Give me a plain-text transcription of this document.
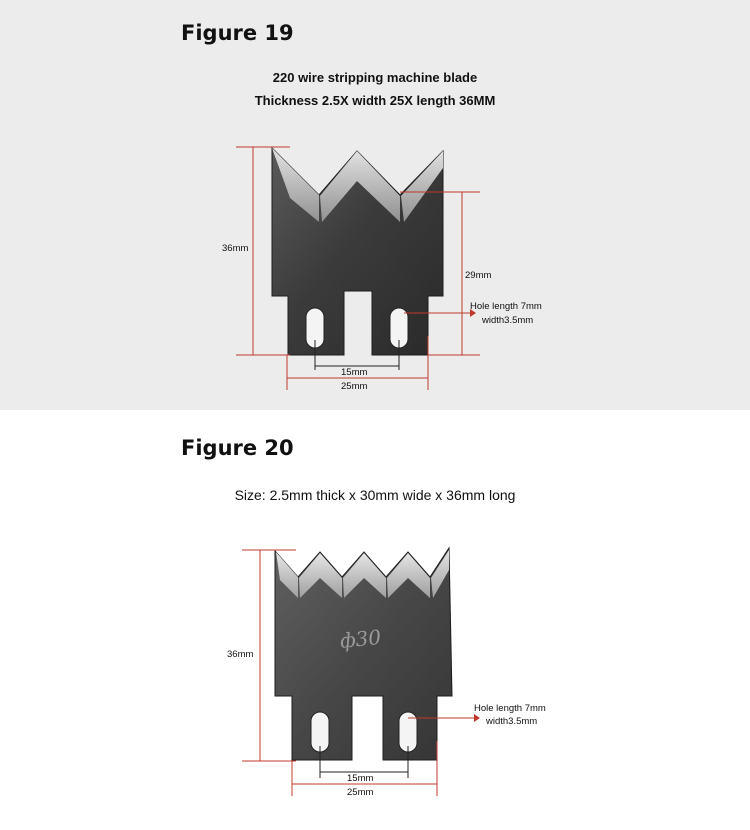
Figure 19
220 wire stripping machine blade
Thickness 2.5X width 25X length 36MM
36mm
29mm
Hole length 7mm
width3.5mm
15mm
25mm
Figure 20
Size: 2.5mm thick x 30mm wide x 36mm long
ф30
36mm
Hole length 7mm
width3.5mm
15mm
25mm
